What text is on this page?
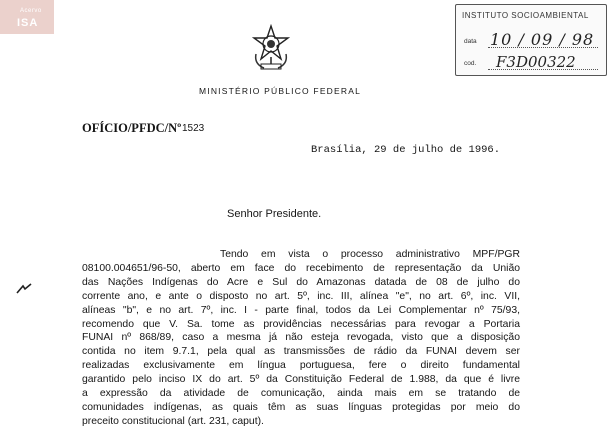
Acervo
ISA
MINISTÉRIO PÚBLICO FEDERAL
INSTITUTO SOCIOAMBIENTAL
data 10 / 09 / 98
cod. F3D00322
OFÍCIO/PFDC/Nº 1523
Brasília, 29 de julho de 1996.
Senhor Presidente.
Tendo em vista o processo administrativo MPF/PGR
08100.004651/96-50, aberto em face do recebimento de representação da União
das Nações Indígenas do Acre e Sul do Amazonas datada de 08 de julho do
corrente ano, e ante o disposto no art. 5º, inc. III, alínea "e", no art. 6º, inc. VII,
alíneas "b", e no art. 7º, inc. I - parte final, todos da Lei Complementar nº 75/93,
recomendo que V. Sa. tome as providências necessárias para revogar a Portaria
FUNAI nº 868/89, caso a mesma já não esteja revogada, visto que a disposição
contida no item 9.7.1, pela qual as transmissões de rádio da FUNAI devem ser
realizadas exclusivamente em língua portuguesa, fere o direito fundamental
garantido pelo inciso IX do art. 5º da Constituição Federal de 1.988, da que é livre
a expressão da atividade de comunicação, ainda mais em se tratando de
comunidades indígenas, as quais têm as suas línguas protegidas por meio do
preceito constitucional (art. 231, caput).
